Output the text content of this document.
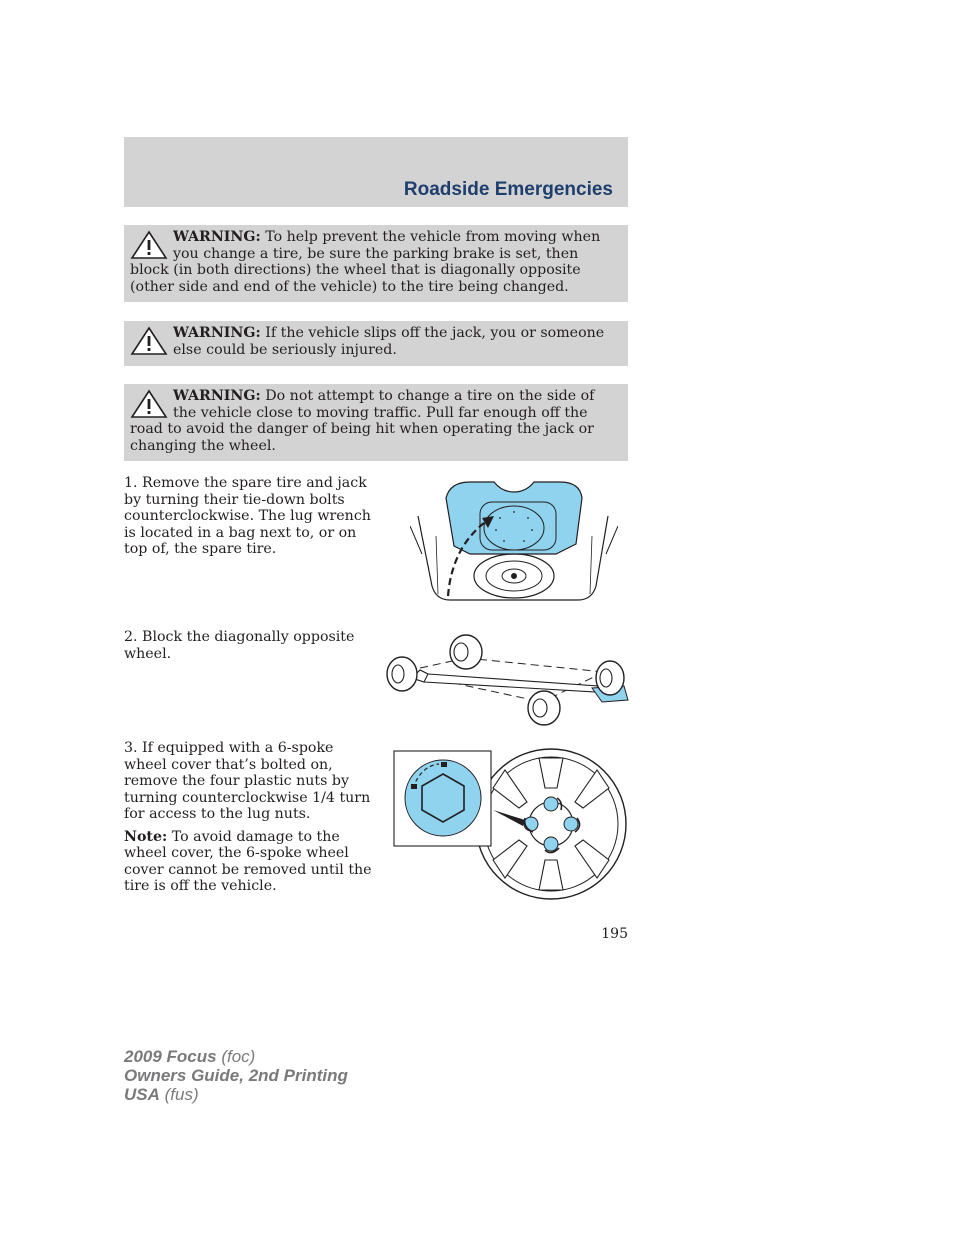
Roadside Emergencies
WARNING: To help prevent the vehicle from moving when you change a tire, be sure the parking brake is set, then block (in both directions) the wheel that is diagonally opposite (other side and end of the vehicle) to the tire being changed.
WARNING: If the vehicle slips off the jack, you or someone else could be seriously injured.
WARNING: Do not attempt to change a tire on the side of the vehicle close to moving traffic. Pull far enough off the road to avoid the danger of being hit when operating the jack or changing the wheel.

1. Remove the spare tire and jack by turning their tie-down bolts counterclockwise. The lug wrench is located in a bag next to, or on top of, the spare tire.

2. Block the diagonally opposite wheel.

3. If equipped with a 6-spoke wheel cover that’s bolted on, remove the four plastic nuts by turning counterclockwise 1/4 turn for access to the lug nuts.

Note: To avoid damage to the wheel cover, the 6-spoke wheel cover cannot be removed until the tire is off the vehicle.

195
2009 Focus (foc)
Owners Guide, 2nd Printing
USA (fus)
